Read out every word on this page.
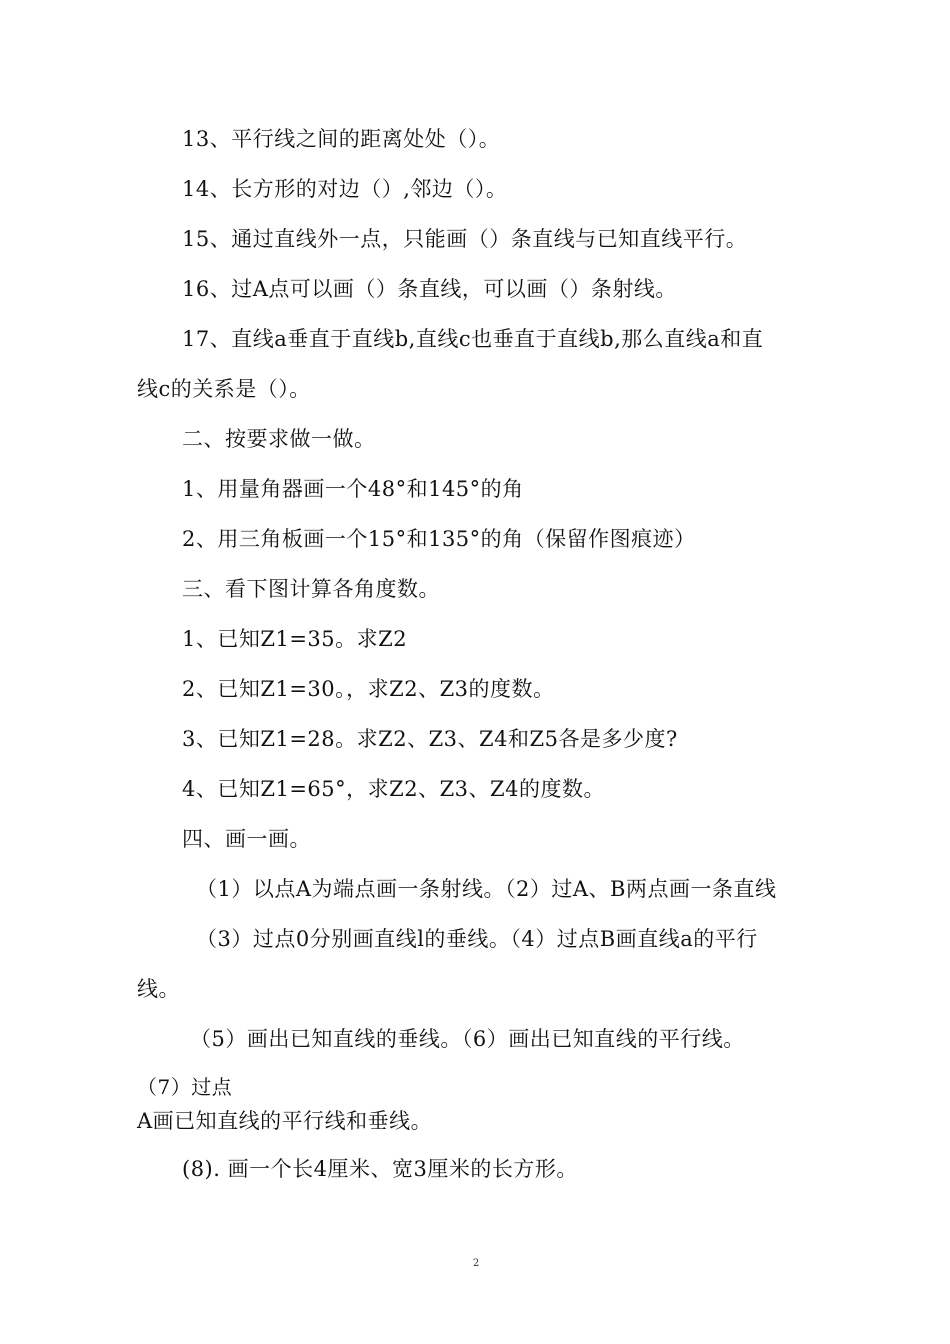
13、平行线之间的距离处处（）。
14、长方形的对边（）,邻边（）。
15、通过直线外一点，只能画（）条直线与已知直线平行。
16、过A点可以画（）条直线，可以画（）条射线。
17、直线a垂直于直线b,直线c也垂直于直线b,那么直线a和直
线c的关系是（）。
二、按要求做一做。
1、用量角器画一个48°和145°的角
2、用三角板画一个15°和135°的角（保留作图痕迹）
三、看下图计算各角度数。
1、已知Z1=35。求Z2
2、已知Z1=30。，求Z2、Z3的度数。
3、已知Z1=28。求Z2、Z3、Z4和Z5各是多少度?
4、已知Z1=65°，求Z2、Z3、Z4的度数。
四、画一画。
（1）以点A为端点画一条射线。（2）过A、B两点画一条直线
（3）过点0分别画直线l的垂线。（4）过点B画直线a的平行
线。
（5）画出已知直线的垂线。（6）画出已知直线的平行线。
（7）过点
A画已知直线的平行线和垂线。
(8). 画一个长4厘米、宽3厘米的长方形。
2
